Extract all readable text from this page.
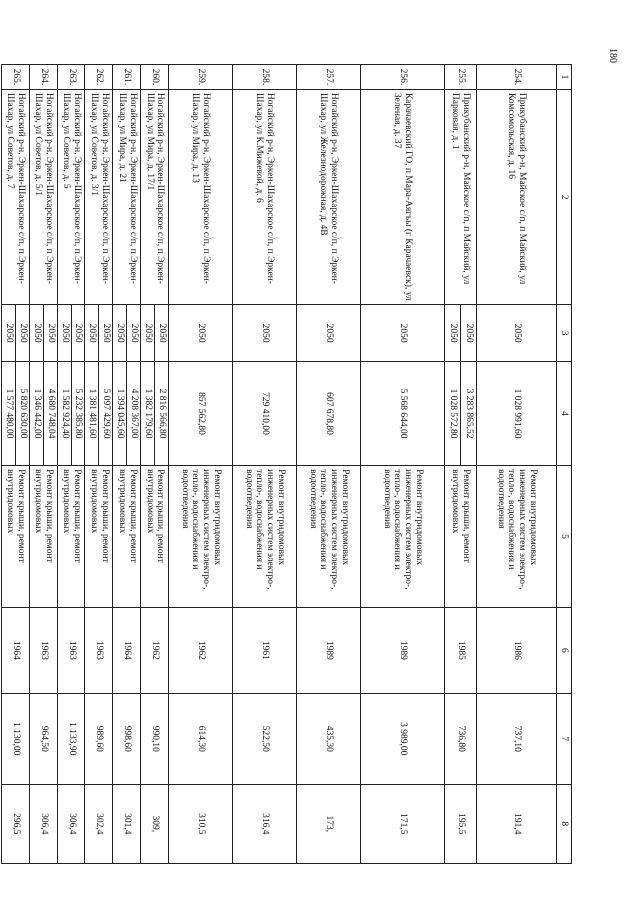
180
1	2	3	4	5	6	7	8
254.	Прикубанский р-н, Майское с/п, п Майский, ул Комсомольская, д. 16	2050	1 028 991,60	Ремонт внутридомовых инженерных систем электро-, тепло-, водоснабжения и водоотведения	1986	737,10	191,4
255.	Прикубанский р-н, Майское с/п, п Майский, ул Парковая, д. 1	2050	3 283 865,52	Ремонт крыши, ремонт внутридомовых	1985	736,80	195,5
		2050	1 028 572,80				
256.	Карачаевский ГО, п Мара-Аягъы (г Карачаевск), ул Зеленая, д. 37	2050	5 568 644,00	Ремонт внутридомовых инженерных систем электро-, тепло-, водоснабжения и водоотведения	1989	3 989,00	171,5
257.	Ногайский р-н, Эркен-Шахарское с/п, п Эркен-Шахар, ул Железнодорожная, д. 4В	2050	607 678,80	Ремонт внутридомовых инженерных систем электро-, тепло-, водоснабжения и водоотведения	1989	435,30	173,
258.	Ногайский р-н, Эркен-Шахарское с/п, п Эркен-Шахар, ул К.Мижевой, д. 6	2050	729 410,00	Ремонт внутридомовых инженерных систем электро-, тепло-, водоснабжения и водоотведения	1961	522,50	316,4
259.	Ногайский р-н, Эркен-Шахарское с/п, п Эркен-Шахар, ул Мира, д. 13	2050	857 562,80	Ремонт внутридомовых инженерных систем электро-, тепло-, водоснабжения и водоотведения	1962	614,30	310,5
260.	Ногайский р-н, Эркен-Шахарское с/п, п Эркен-Шахар, ул Мира, д. 17/1	2050	2 816 566,80	Ремонт крыши, ремонт внутридомовых	1962	990,10	309,
		2050	1 382 179,60				
261.	Ногайский р-н, Эркен-Шахарское с/п, п Эркен-Шахар, ул Мира, д. 21	2050	4 208 367,00	Ремонт крыши, ремонт внутридомовых	1964	998,60	301,4
		2050	1 394 045,60				
262.	Ногайский р-н, Эркен-Шахарское с/п, п Эркен-Шахар, ул Советов, д. 3/1	2050	5 097 429,60	Ремонт крыши, ремонт внутридомовых	1963	989,60	302,4
		2050	1 381 481,60				
263.	Ногайский р-н, Эркен-Шахарское с/п, п Эркен-Шахар, ул Советов, д. 5	2050	5 232 385,80	Ремонт крыши, ремонт внутридомовых	1963	1 133,90	306,4
		2050	1 582 924,40				
264.	Ногайский р-н, Эркен-Шахарское с/п, п Эркен-Шахар, ул Советов, д. 5/1	2050	4 680 748,04	Ремонт крыши, ремонт внутридомовых	1963	964,50	306,4
		2050	1 346 442,00				
265.	Ногайский р-н, Эркен-Шахарское с/п, п Эркен-Шахар, ул Советов, д. 7	2050	5 820 630,00	Ремонт крыши, ремонт внутридомовых	1964	1 130,00	296,5
		2050	1 577 480,00				
